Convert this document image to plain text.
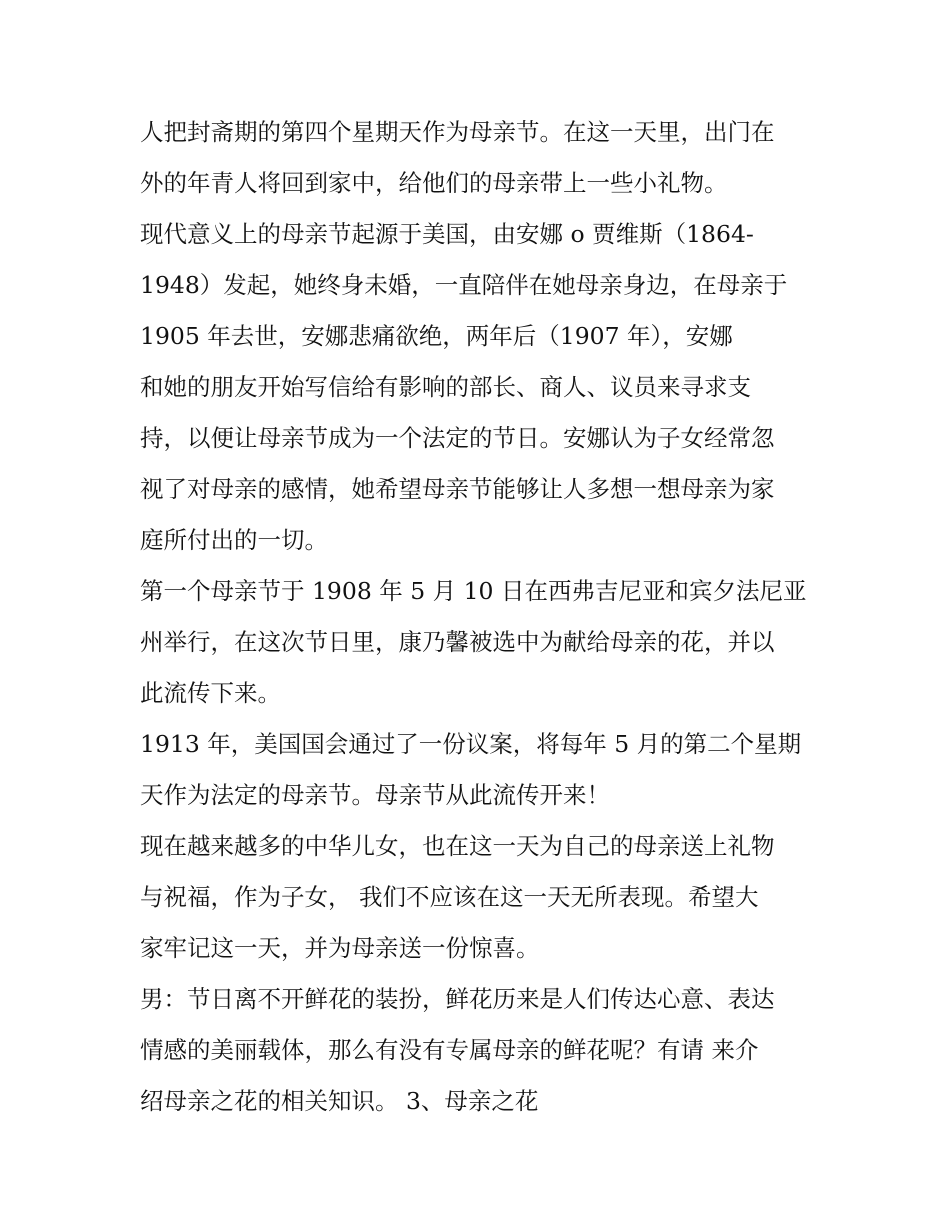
人把封斋期的第四个星期天作为母亲节。在这一天里，出门在
外的年青人将回到家中，给他们的母亲带上一些小礼物。
现代意义上的母亲节起源于美国，由安娜 o 贾维斯（1864-
1948）发起，她终身未婚，一直陪伴在她母亲身边，在母亲于
1905 年去世，安娜悲痛欲绝，两年后（1907 年），安娜
和她的朋友开始写信给有影响的部长、商人、议员来寻求支
持，以便让母亲节成为一个法定的节日。安娜认为子女经常忽
视了对母亲的感情，她希望母亲节能够让人多想一想母亲为家
庭所付出的一切。
第一个母亲节于 1908 年 5 月 10 日在西弗吉尼亚和宾夕法尼亚
州举行，在这次节日里，康乃馨被选中为献给母亲的花，并以
此流传下来。
1913 年，美国国会通过了一份议案，将每年 5 月的第二个星期
天作为法定的母亲节。母亲节从此流传开来！
现在越来越多的中华儿女，也在这一天为自己的母亲送上礼物
与祝福，作为子女， 我们不应该在这一天无所表现。希望大
家牢记这一天，并为母亲送一份惊喜。
男：节日离不开鲜花的装扮，鲜花历来是人们传达心意、表达
情感的美丽载体，那么有没有专属母亲的鲜花呢？有请 来介
绍母亲之花的相关知识。 3、母亲之花
